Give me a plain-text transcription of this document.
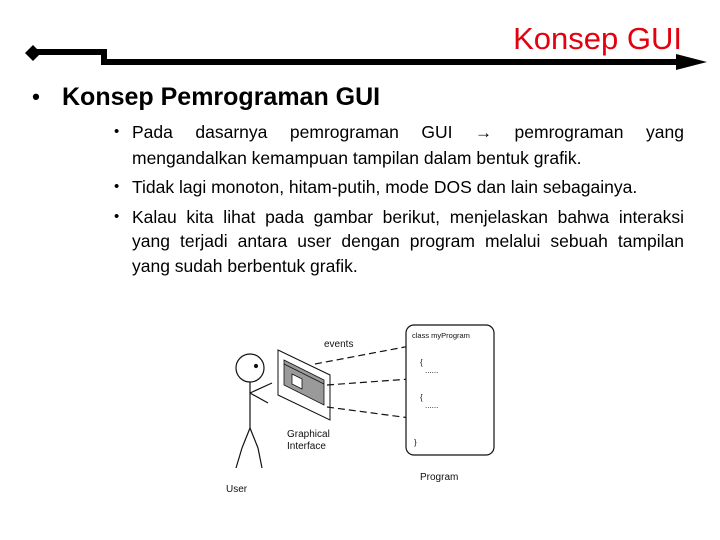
Konsep GUI
• Konsep Pemrograman GUI
• Pada dasarnya pemrograman GUI → pemrograman yang mengandalkan kemampuan tampilan dalam bentuk grafik.
• Tidak lagi monoton, hitam-putih, mode DOS dan lain sebagainya.
• Kalau kita lihat pada gambar berikut, menjelaskan bahwa interaksi yang terjadi antara user dengan program melalui sebuah tampilan yang sudah berbentuk grafik.
User
Graphical
Interface
events
class myProgram
{
......
{
......
}
Program
